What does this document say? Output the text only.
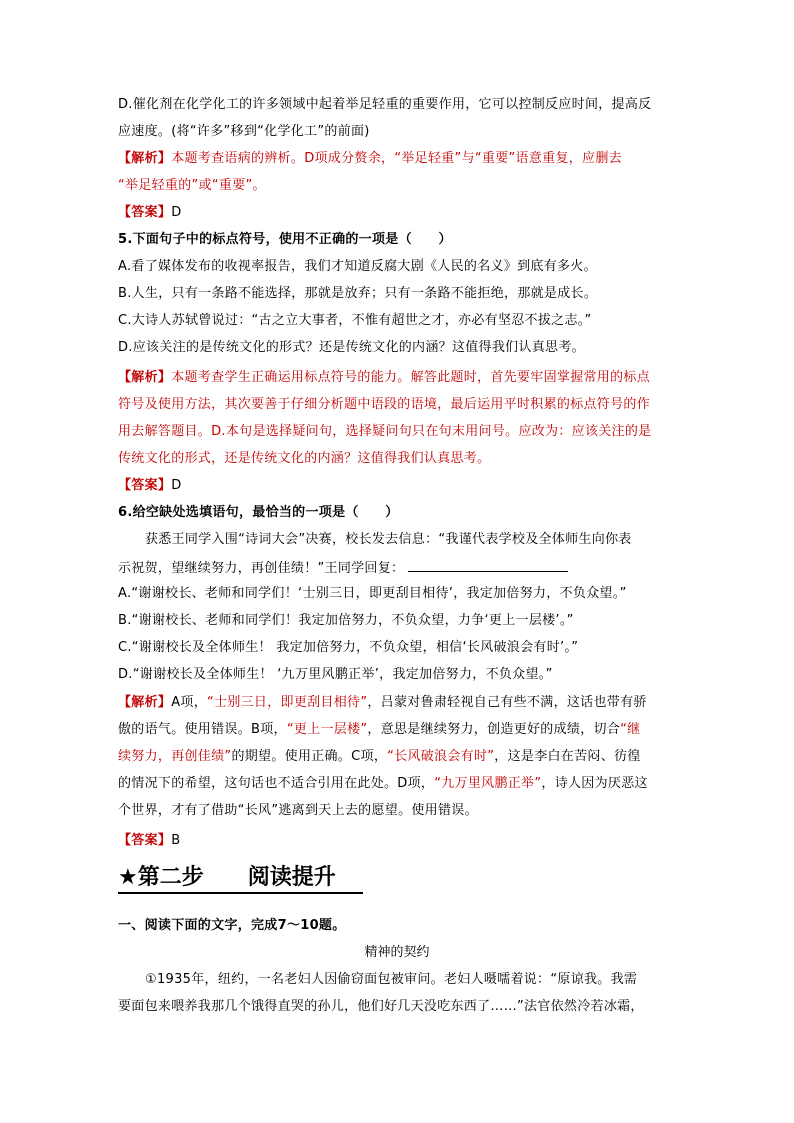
D.催化剂在化学化工的许多领域中起着举足轻重的重要作用，它可以控制反应时间，提高反
应速度。(将“许多”移到“化学化工”的前面)
【解析】本题考查语病的辨析。D项成分赘余，“举足轻重”与“重要”语意重复，应删去
“举足轻重的”或“重要”。
【答案】D
5.下面句子中的标点符号，使用不正确的一项是（　　）
A.看了媒体发布的收视率报告，我们才知道反腐大剧《人民的名义》到底有多火。
B.人生，只有一条路不能选择，那就是放弃；只有一条路不能拒绝，那就是成长。
C.大诗人苏轼曾说过：“古之立大事者，不惟有超世之才，亦必有坚忍不拔之志。”
D.应该关注的是传统文化的形式？还是传统文化的内涵？这值得我们认真思考。
【解析】本题考查学生正确运用标点符号的能力。解答此题时，首先要牢固掌握常用的标点
符号及使用方法，其次要善于仔细分析题中语段的语境，最后运用平时积累的标点符号的作
用去解答题目。D.本句是选择疑问句，选择疑问句只在句末用问号。应改为：应该关注的是
传统文化的形式，还是传统文化的内涵？这值得我们认真思考。
【答案】D
6.给空缺处选填语句，最恰当的一项是（　　）
获悉王同学入围“诗词大会”决赛，校长发去信息：“我谨代表学校及全体师生向你表
示祝贺，望继续努力，再创佳绩！”王同学回复：
A.“谢谢校长、老师和同学们！‘士别三日，即更刮目相待’，我定加倍努力，不负众望。”
B.“谢谢校长、老师和同学们！我定加倍努力，不负众望，力争‘更上一层楼’。”
C.“谢谢校长及全体师生！ 我定加倍努力，不负众望，相信‘长风破浪会有时’。”
D.“谢谢校长及全体师生！ ‘九万里风鹏正举’，我定加倍努力，不负众望。”
【解析】A项，“士别三日，即更刮目相待”，吕蒙对鲁肃轻视自己有些不满，这话也带有骄
傲的语气。使用错误。B项，“更上一层楼”，意思是继续努力，创造更好的成绩，切合“继
续努力，再创佳绩”的期望。使用正确。C项，“长风破浪会有时”，这是李白在苦闷、彷徨
的情况下的希望，这句话也不适合引用在此处。D项，“九万里风鹏正举”，诗人因为厌恶这
个世界，才有了借助“长风”逃离到天上去的愿望。使用错误。
【答案】B
★第二步　　阅读提升
一、阅读下面的文字，完成7～10题。
精神的契约
①1935年，纽约，一名老妇人因偷窃面包被审问。老妇人嗫嚅着说：“原谅我。我需
要面包来喂养我那几个饿得直哭的孙儿，他们好几天没吃东西了……”法官依然冷若冰霜，
